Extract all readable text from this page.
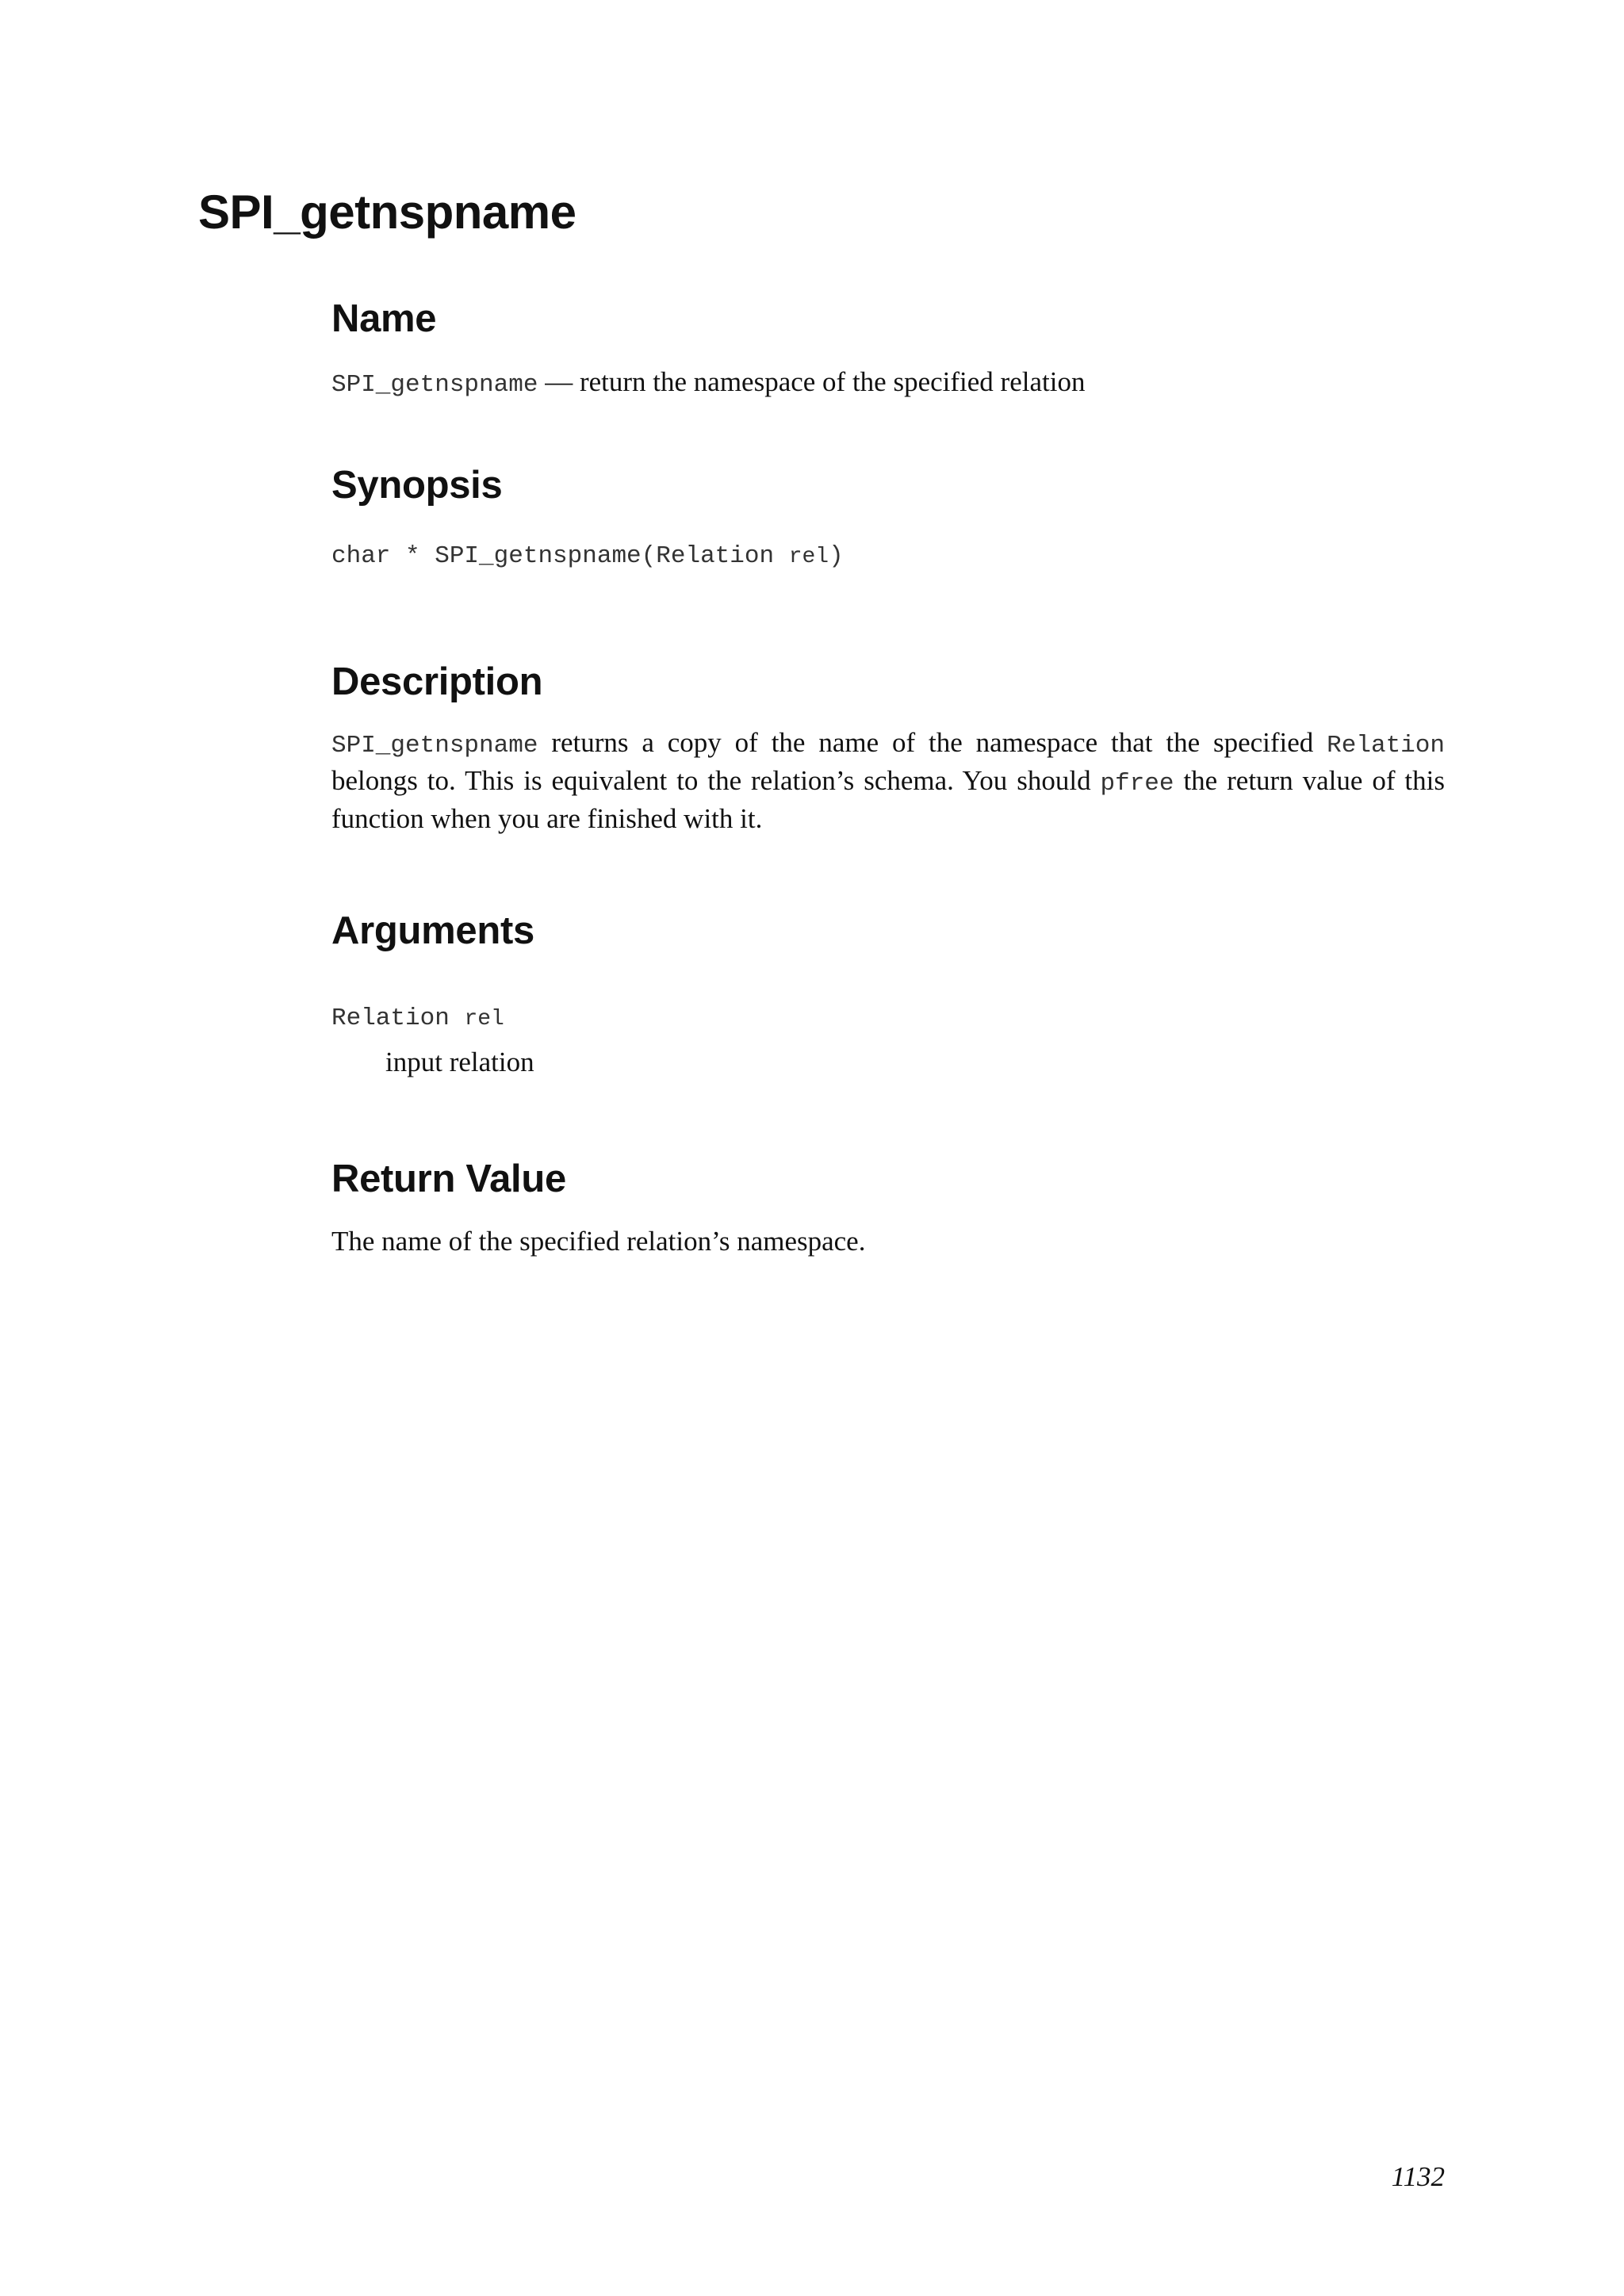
SPI_getnspname
Name

SPI_getnspname — return the namespace of the specified relation

Synopsis

char * SPI_getnspname(Relation rel)

Description

SPI_getnspname returns a copy of the name of the namespace that the specified Relation belongs to. This is equivalent to the relation’s schema. You should pfree the return value of this function when you are finished with it.

Arguments

Relation rel

input relation

Return Value

The name of the specified relation’s namespace.

1132
